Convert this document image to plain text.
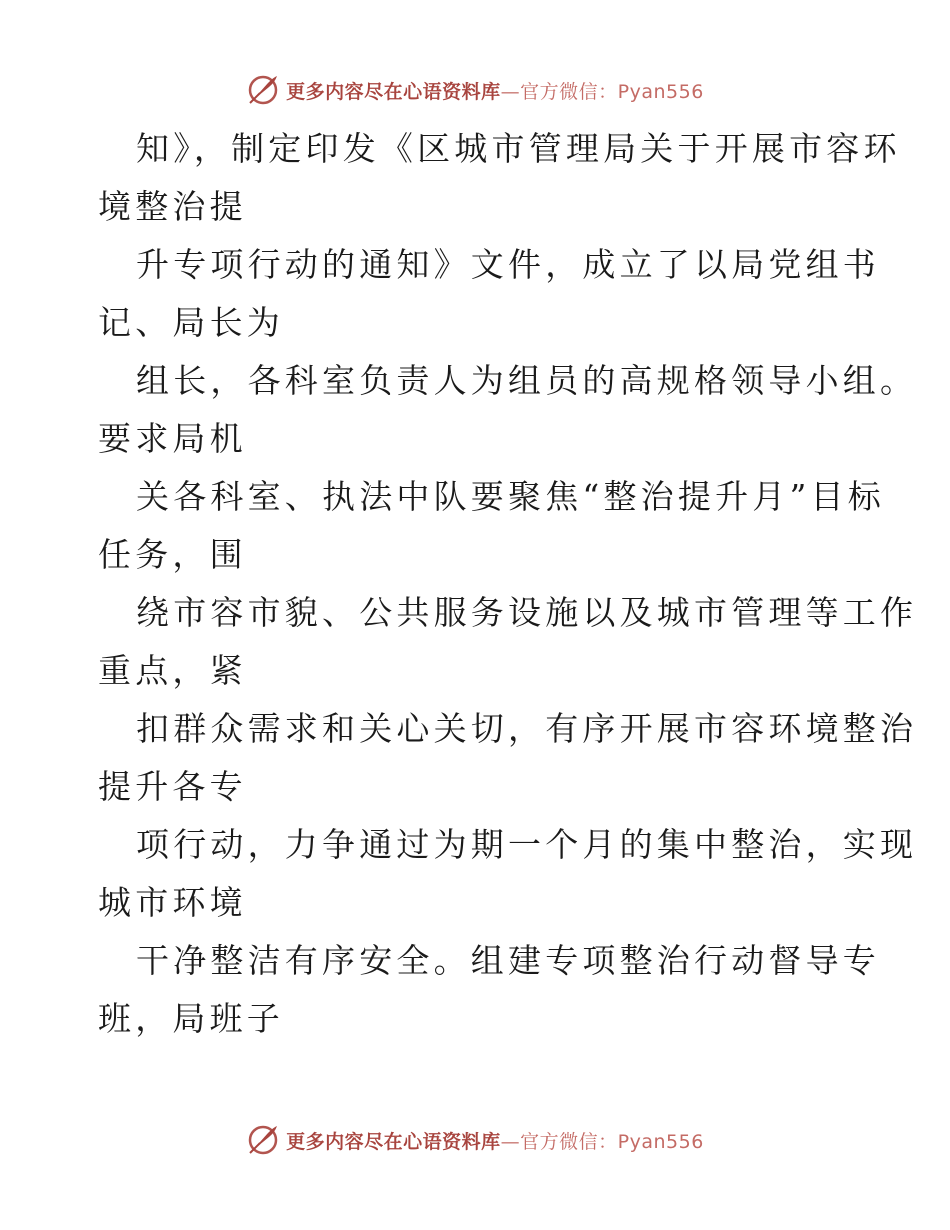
更多内容尽在心语资料库—官方微信：Pyan556

知》，制定印发《区城市管理局关于开展市容环
境整治提

升专项行动的通知》文件，成立了以局党组书
记、局长为

组长，各科室负责人为组员的高规格领导小组。
要求局机

关各科室、执法中队要聚焦“整治提升月”目标
任务，围

绕市容市貌、公共服务设施以及城市管理等工作
重点，紧

扣群众需求和关心关切，有序开展市容环境整治
提升各专

项行动，力争通过为期一个月的集中整治，实现
城市环境

干净整洁有序安全。组建专项整治行动督导专
班，局班子

更多内容尽在心语资料库—官方微信：Pyan556
